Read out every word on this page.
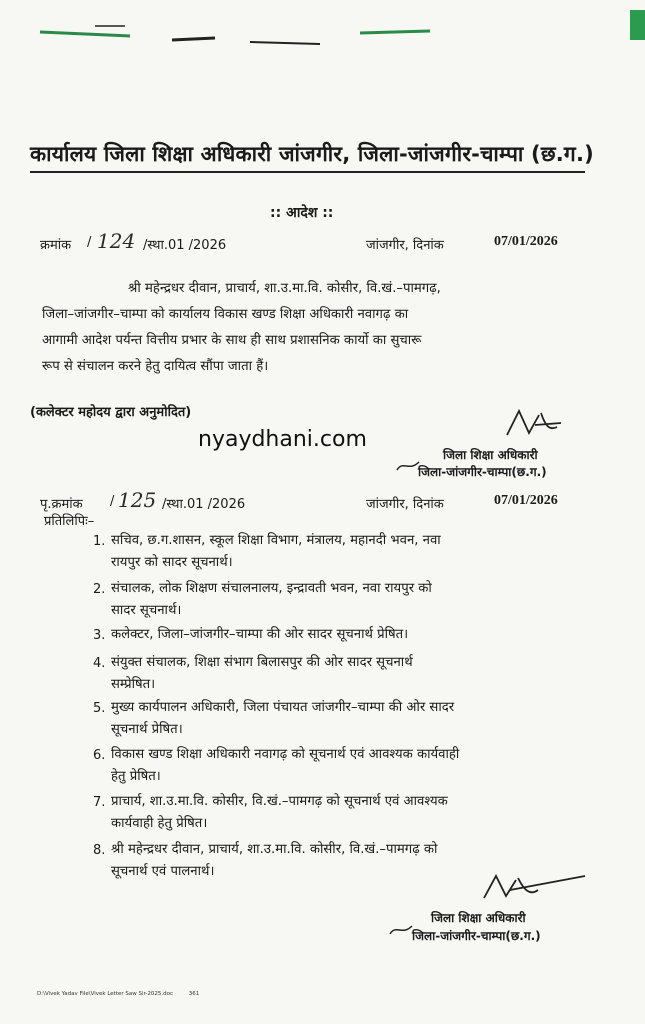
कार्यालय जिला शिक्षा अधिकारी जांजगीर, जिला-जांजगीर-चाम्पा (छ.ग.)
:: आदेश ::
क्रमांक / 124 /स्था.01 /2026	जांजगीर, दिनांक	07/01/2026
श्री महेन्द्रधर दीवान, प्राचार्य, शा.उ.मा.वि. कोसीर, वि.खं.–पामगढ़,
जिला–जांजगीर–चाम्पा को कार्यालय विकास खण्ड शिक्षा अधिकारी नवागढ़ का
आगामी आदेश पर्यन्त वित्तीय प्रभार के साथ ही साथ प्रशासनिक कार्यो का सुचारू
रूप से संचालन करने हेतु दायित्व सौंपा जाता हैं।
(कलेक्टर महोदय द्वारा अनुमोदित)
nyaydhani.com
जिला शिक्षा अधिकारी
जिला-जांजगीर-चाम्पा(छ.ग.)
पृ.क्रमांक / 125 /स्था.01 /2026	जांजगीर, दिनांक	07/01/2026
प्रतिलिपिः–
1. सचिव, छ.ग.शासन, स्कूल शिक्षा विभाग, मंत्रालय, महानदी भवन, नवा
रायपुर को सादर सूचनार्थ।
2. संचालक, लोक शिक्षण संचालनालय, इन्द्रावती भवन, नवा रायपुर को
सादर सूचनार्थ।
3. कलेक्टर, जिला–जांजगीर–चाम्पा की ओर सादर सूचनार्थ प्रेषित।
4. संयुक्त संचालक, शिक्षा संभाग बिलासपुर की ओर सादर सूचनार्थ
सम्प्रेषित।
5. मुख्य कार्यपालन अधिकारी, जिला पंचायत जांजगीर–चाम्पा की ओर सादर
सूचनार्थ प्रेषित।
6. विकास खण्ड शिक्षा अधिकारी नवागढ़ को सूचनार्थ एवं आवश्यक कार्यवाही
हेतु प्रेषित।
7. प्राचार्य, शा.उ.मा.वि. कोसीर, वि.खं.–पामगढ़ को सूचनार्थ एवं आवश्यक
कार्यवाही हेतु प्रेषित।
8. श्री महेन्द्रधर दीवान, प्राचार्य, शा.उ.मा.वि. कोसीर, वि.खं.–पामगढ़ को
सूचनार्थ एवं पालनार्थ।
जिला शिक्षा अधिकारी
जिला-जांजगीर-चाम्पा(छ.ग.)
D:\Vivek Yadav File\Vivek Letter Saw Sir-2025.doc	361
